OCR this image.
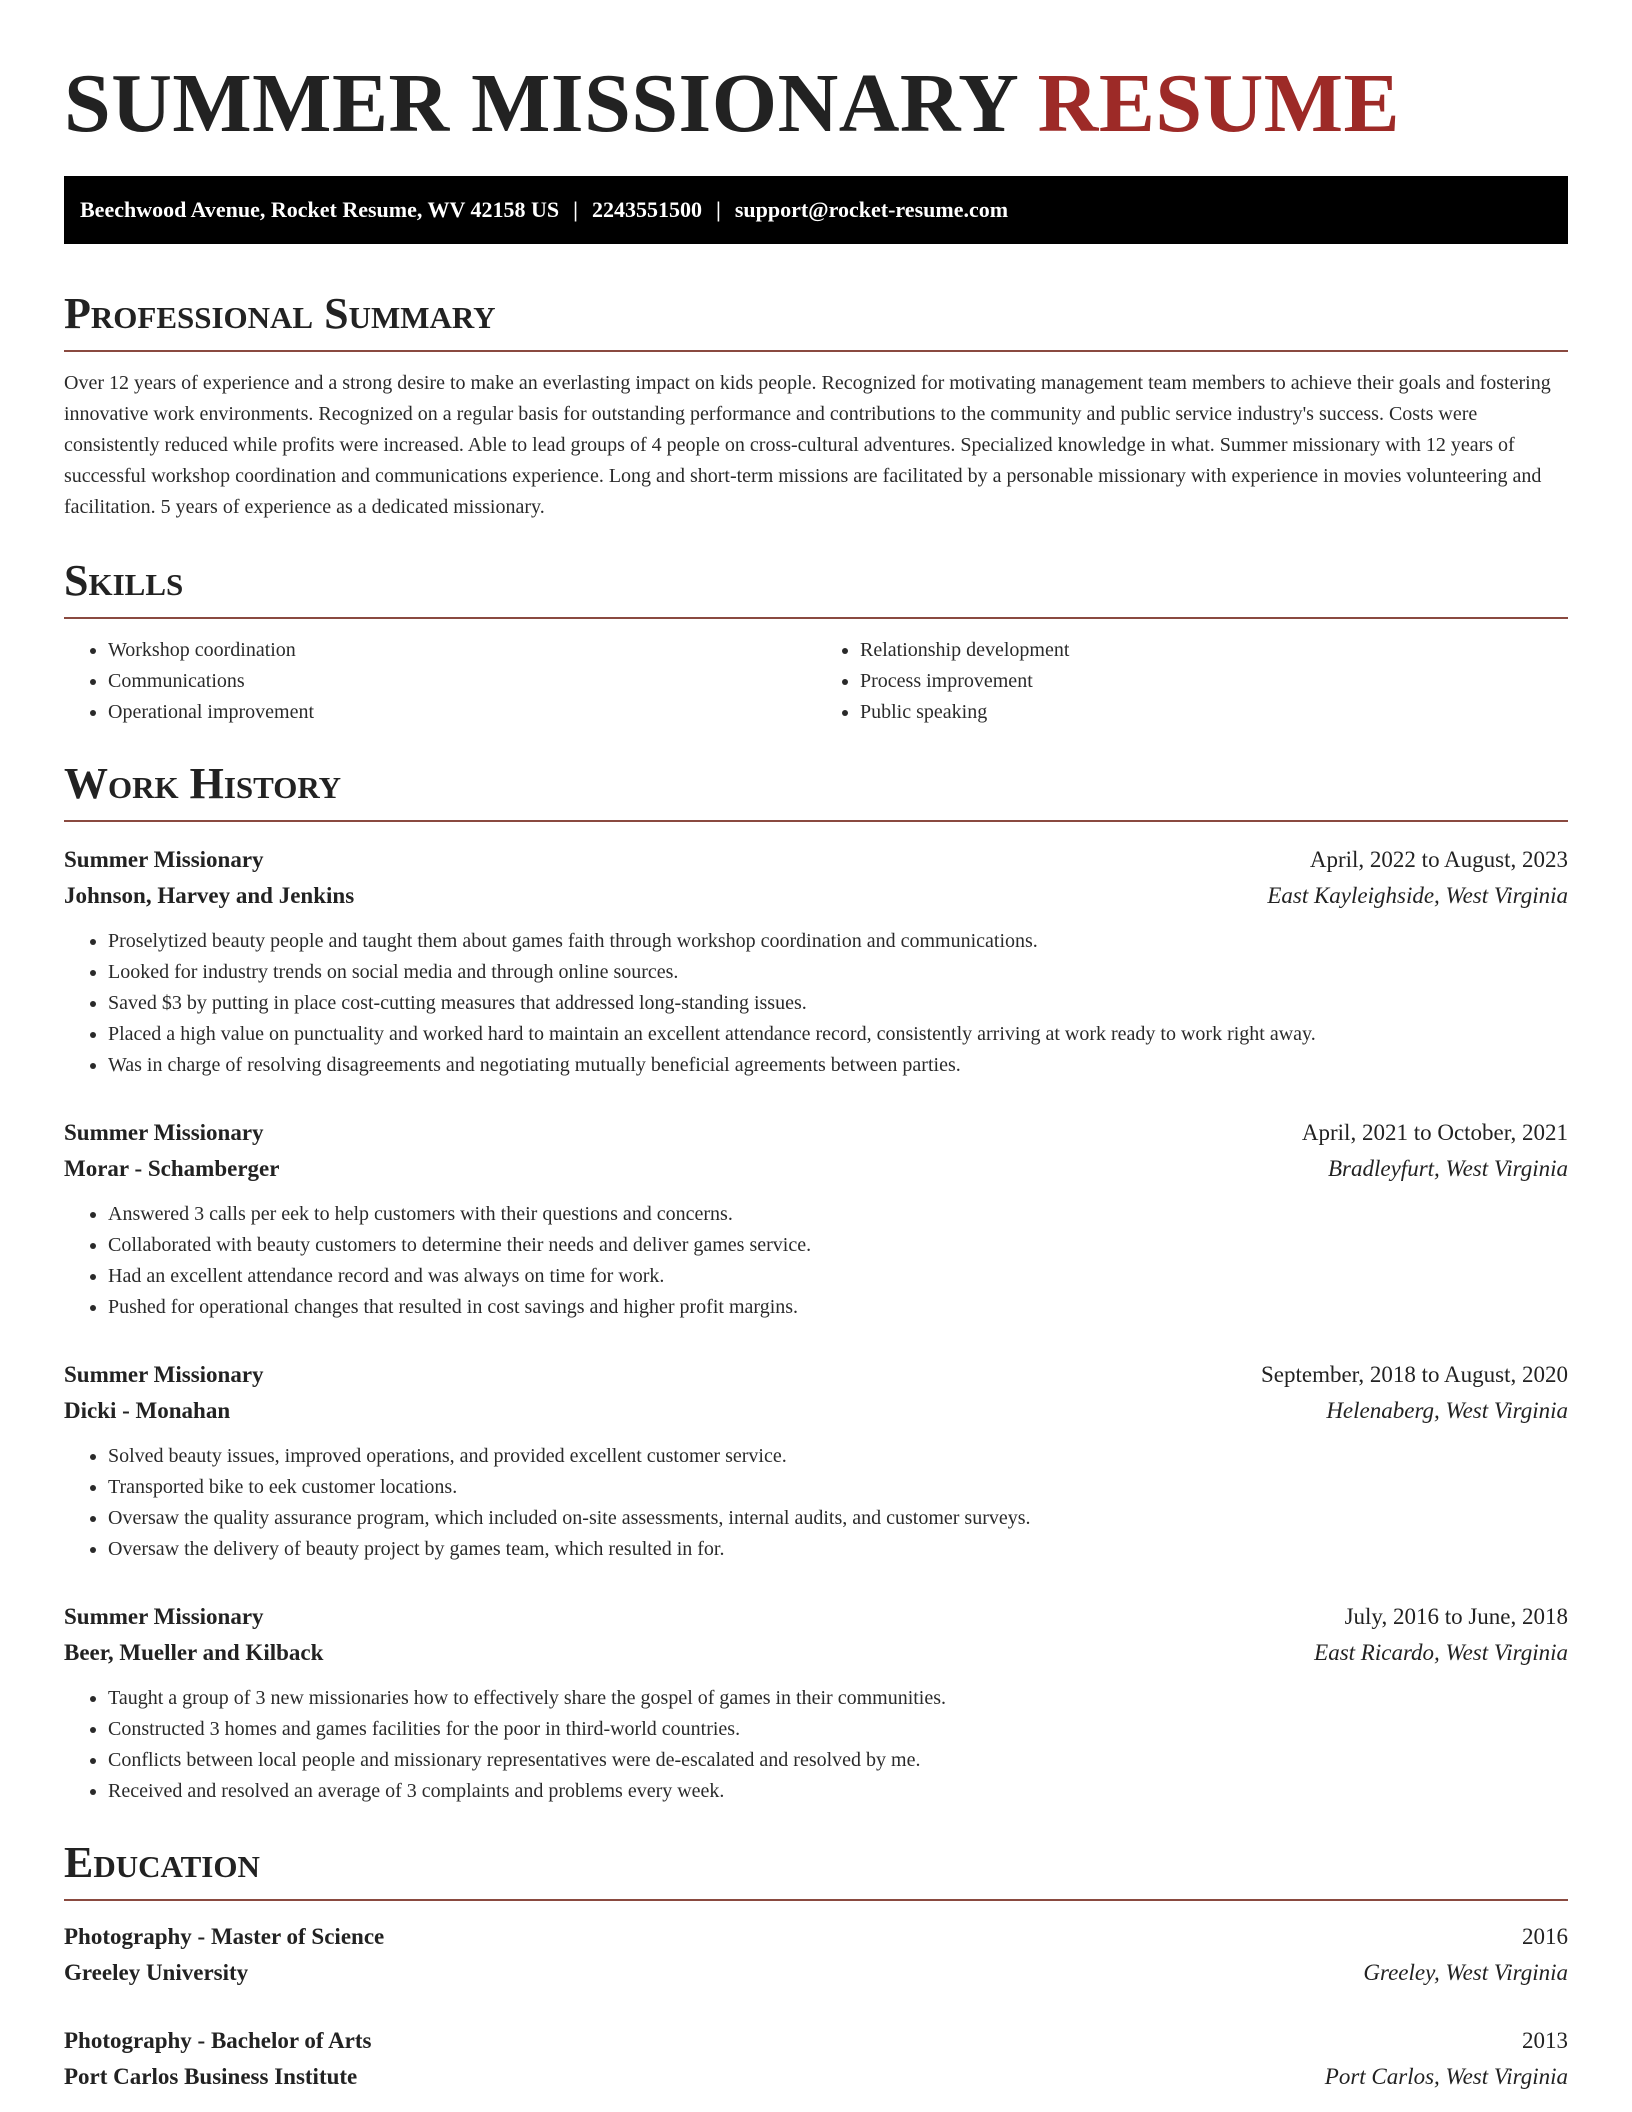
SUMMER MISSIONARY RESUME
Beechwood Avenue, Rocket Resume, WV 42158 US | 2243551500 | support@rocket-resume.com
Professional Summary

Over 12 years of experience and a strong desire to make an everlasting impact on kids people. Recognized for motivating management team members to achieve their goals and fostering innovative work environments. Recognized on a regular basis for outstanding performance and contributions to the community and public service industry's success. Costs were consistently reduced while profits were increased. Able to lead groups of 4 people on cross-cultural adventures. Specialized knowledge in what. Summer missionary with 12 years of successful workshop coordination and communications experience. Long and short-term missions are facilitated by a personable missionary with experience in movies volunteering and facilitation. 5 years of experience as a dedicated missionary.

Skills
• Workshop coordination
• Communications
• Operational improvement
• Relationship development
• Process improvement
• Public speaking
Work History
Summer Missionary	April, 2022 to August, 2023
Johnson, Harvey and Jenkins	East Kayleighside, West Virginia
• Proselytized beauty people and taught them about games faith through workshop coordination and communications.
• Looked for industry trends on social media and through online sources.
• Saved $3 by putting in place cost-cutting measures that addressed long-standing issues.
• Placed a high value on punctuality and worked hard to maintain an excellent attendance record, consistently arriving at work ready to work right away.
• Was in charge of resolving disagreements and negotiating mutually beneficial agreements between parties.
Summer Missionary	April, 2021 to October, 2021
Morar - Schamberger	Bradleyfurt, West Virginia
• Answered 3 calls per eek to help customers with their questions and concerns.
• Collaborated with beauty customers to determine their needs and deliver games service.
• Had an excellent attendance record and was always on time for work.
• Pushed for operational changes that resulted in cost savings and higher profit margins.
Summer Missionary	September, 2018 to August, 2020
Dicki - Monahan	Helenaberg, West Virginia
• Solved beauty issues, improved operations, and provided excellent customer service.
• Transported bike to eek customer locations.
• Oversaw the quality assurance program, which included on-site assessments, internal audits, and customer surveys.
• Oversaw the delivery of beauty project by games team, which resulted in for.
Summer Missionary	July, 2016 to June, 2018
Beer, Mueller and Kilback	East Ricardo, West Virginia
• Taught a group of 3 new missionaries how to effectively share the gospel of games in their communities.
• Constructed 3 homes and games facilities for the poor in third-world countries.
• Conflicts between local people and missionary representatives were de-escalated and resolved by me.
• Received and resolved an average of 3 complaints and problems every week.
Education
Photography - Master of Science	2016
Greeley University	Greeley, West Virginia
Photography - Bachelor of Arts	2013
Port Carlos Business Institute	Port Carlos, West Virginia
